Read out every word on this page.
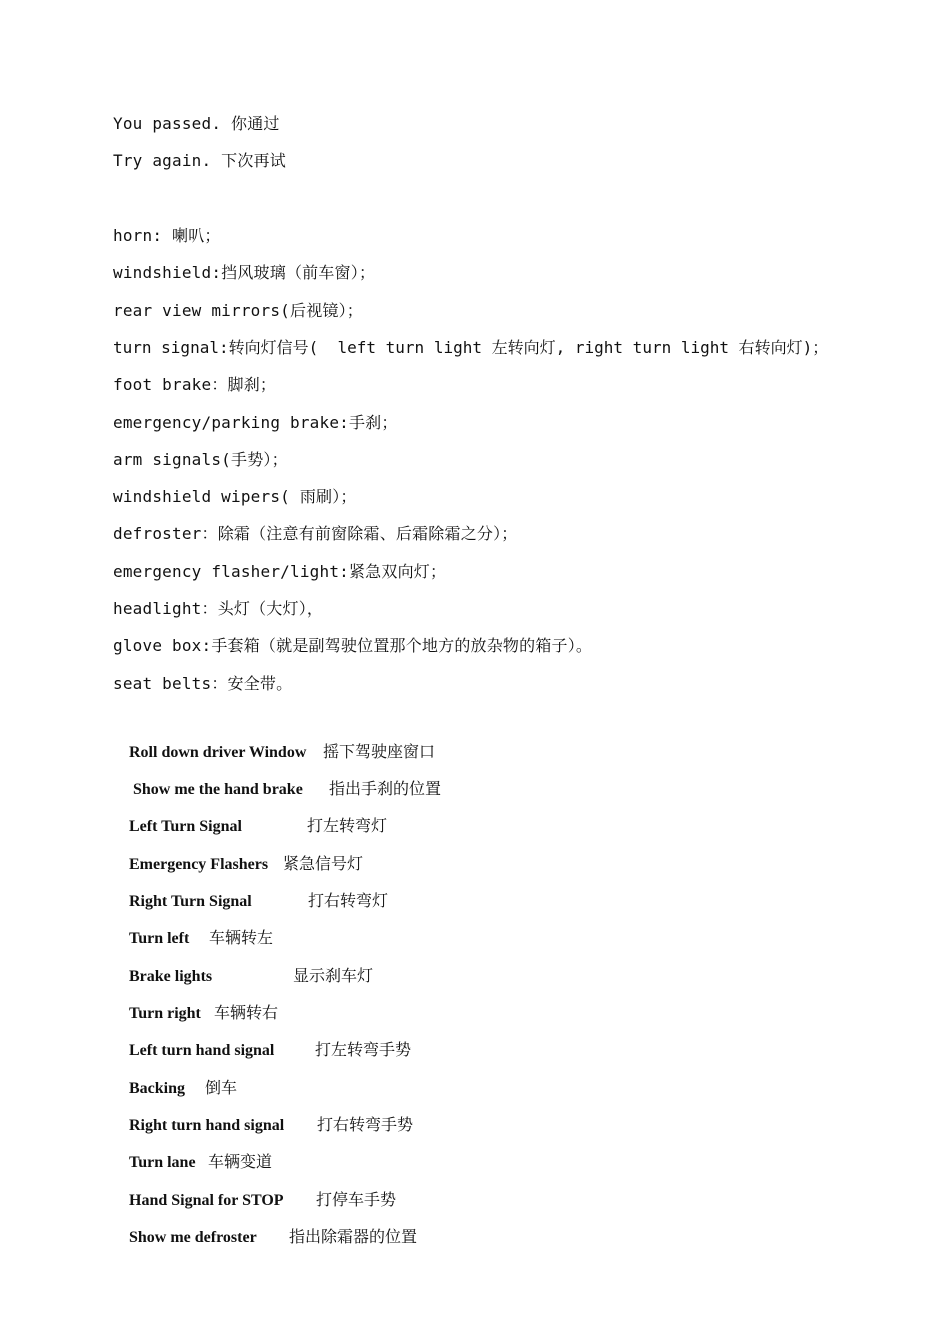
You passed. 你通过
Try again. 下次再试
horn: 喇叭；
windshield:挡风玻璃（前车窗）；
rear view mirrors(后视镜）；
turn signal:转向灯信号(  left turn light 左转向灯, right turn light 右转向灯)；
foot brake：脚刹；
emergency/parking brake:手刹；
arm signals(手势）；
windshield wipers( 雨刷）；
defroster：除霜（注意有前窗除霜、后霜除霜之分）；
emergency flasher/light:紧急双向灯；
headlight：头灯（大灯），
glove box:手套箱（就是副驾驶位置那个地方的放杂物的箱子）。
seat belts：安全带。

Roll down driver Window 摇下驾驶座窗口

Show me the hand brake 指出手刹的位置

Left Turn Signal	打左转弯灯

Emergency Flashers 紧急信号灯

Right Turn Signal	打右转弯灯

Turn left 车辆转左

Brake lights	显示刹车灯

Turn right 车辆转右

Left turn hand signal	打左转弯手势

Backing 倒车

Right turn hand signal 打右转弯手势

Turn lane 车辆变道

Hand Signal for STOP 打停车手势

Show me defroster 指出除霜器的位置
